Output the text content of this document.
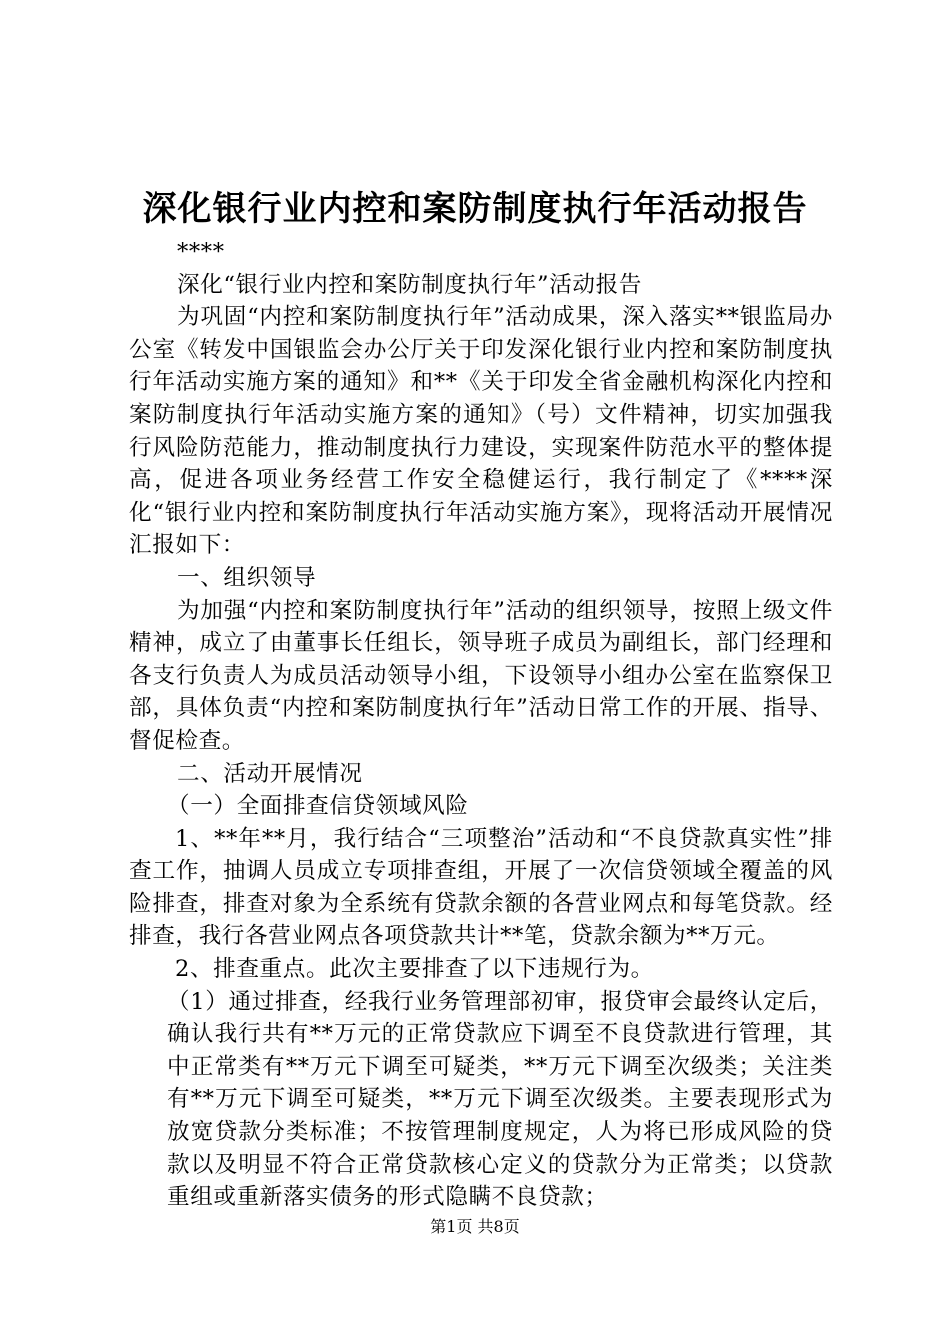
深化银行业内控和案防制度执行年活动报告

****

深化“银行业内控和案防制度执行年”活动报告

为巩固“内控和案防制度执行年”活动成果，深入落实**银监局办公室《转发中国银监会办公厅关于印发深化银行业内控和案防制度执行年活动实施方案的通知》和**《关于印发全省金融机构深化内控和案防制度执行年活动实施方案的通知》（号）文件精神，切实加强我行风险防范能力，推动制度执行力建设，实现案件防范水平的整体提高，促进各项业务经营工作安全稳健运行，我行制定了《****深化“银行业内控和案防制度执行年活动实施方案》，现将活动开展情况汇报如下：

一、组织领导

为加强“内控和案防制度执行年”活动的组织领导，按照上级文件精神，成立了由董事长任组长，领导班子成员为副组长，部门经理和各支行负责人为成员活动领导小组，下设领导小组办公室在监察保卫部，具体负责“内控和案防制度执行年”活动日常工作的开展、指导、督促检查。

二、活动开展情况

（一）全面排查信贷领域风险

1、**年**月，我行结合“三项整治”活动和“不良贷款真实性”排查工作，抽调人员成立专项排查组，开展了一次信贷领域全覆盖的风险排查，排查对象为全系统有贷款余额的各营业网点和每笔贷款。经排查，我行各营业网点各项贷款共计**笔，贷款余额为**万元。

2、排查重点。此次主要排查了以下违规行为。

（1）通过排查，经我行业务管理部初审，报贷审会最终认定后，确认我行共有**万元的正常贷款应下调至不良贷款进行管理，其中正常类有**万元下调至可疑类，**万元下调至次级类；关注类有**万元下调至可疑类，**万元下调至次级类。主要表现形式为放宽贷款分类标准；不按管理制度规定，人为将已形成风险的贷款以及明显不符合正常贷款核心定义的贷款分为正常类；以贷款重组或重新落实债务的形式隐瞒不良贷款；

第1页 共8页
